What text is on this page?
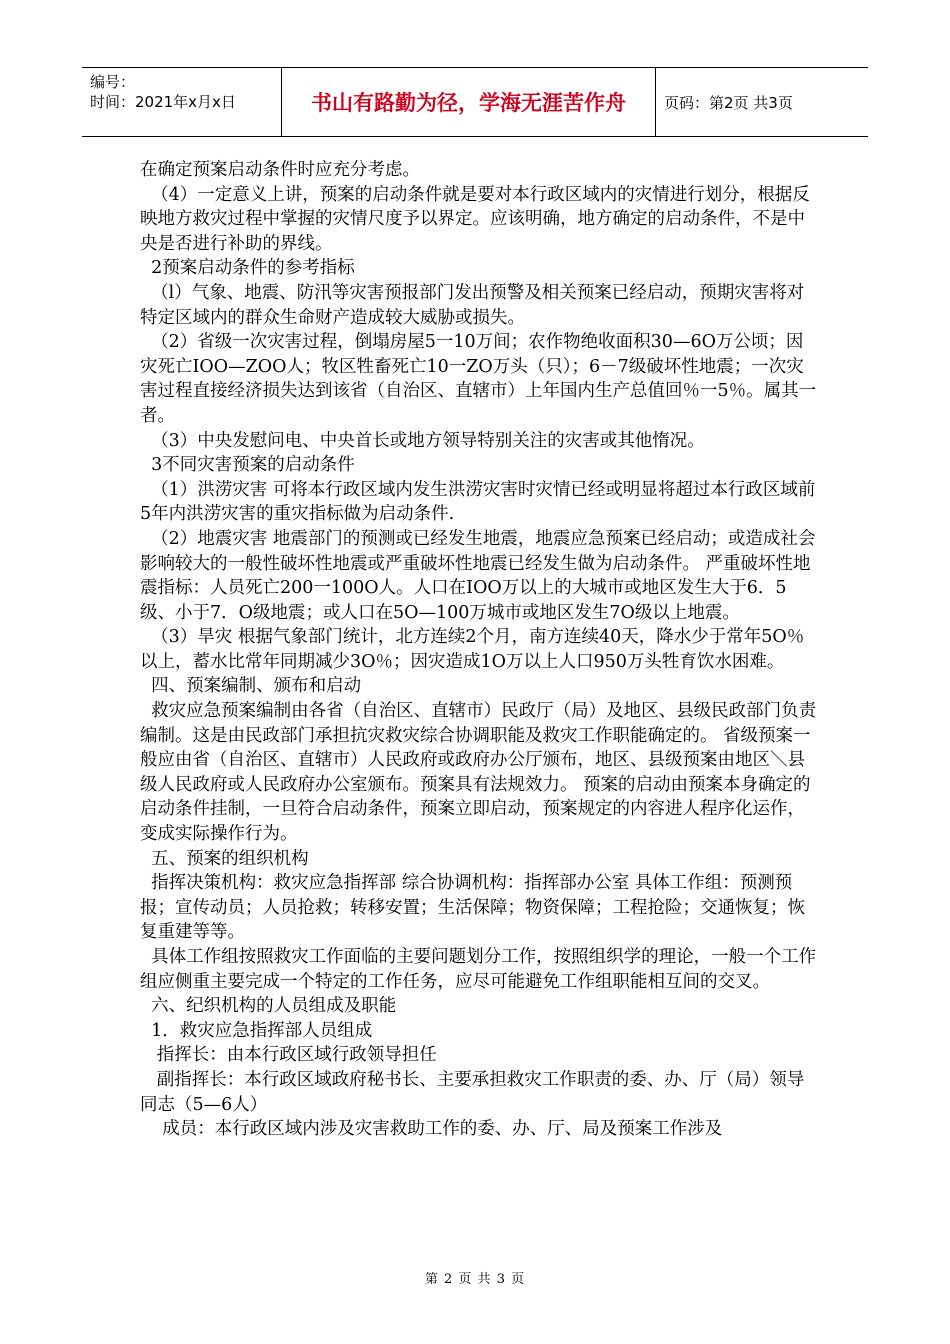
编号：
时间：2021年x月x日	书山有路勤为径，学海无涯苦作舟	页码：第2页 共3页

在确定预案启动条件时应充分考虑。

（4）一定意义上讲，预案的启动条件就是要对本行政区域内的灾情进行划分，根据反映地方救灾过程中掌握的灾情尺度予以界定。应该明确，地方确定的启动条件，不是中央是否进行补助的界线。

2预案启动条件的参考指标

（l）气象、地震、防汛等灾害预报部门发出预警及相关预案已经启动，预期灾害将对特定区域内的群众生命财产造成较大威胁或损失。

（2）省级一次灾害过程，倒塌房屋5一10万间；农作物绝收面积30—6O万公顷；因灾死亡IOO—ZOO人；牧区牲畜死亡10一ZO万头（只）；6－7级破坏性地震；一次灾害过程直接经济损失达到该省（自治区、直辖市）上年国内生产总值回％一5％。属其一者。

（3）中央发慰问电、中央首长或地方领导特别关注的灾害或其他惰况。

3不同灾害预案的启动条件

（1）洪涝灾害 可将本行政区域内发生洪涝灾害时灾情已经或明显将超过本行政区域前5年内洪涝灾害的重灾指标做为启动条件.

（2）地震灾害 地震部门的预测或已经发生地震，地震应急预案已经启动；或造成社会影响较大的一般性破坏性地震或严重破坏性地震已经发生做为启动条件。 严重破坏性地震指标：人员死亡200一100O人。人口在IOO万以上的大城市或地区发生大于6．5级、小于7．O级地震；或人口在5O—100万城市或地区发生7O级以上地震。

（3）旱灾 根据气象部门统计，北方连续2个月，南方连续40天，降水少于常年5O％以上，蓄水比常年同期减少3O％；因灾造成1O万以上人口950万头牲育饮水困难。

四、预案编制、颁布和启动

救灾应急预案编制由各省（自治区、直辖市）民政厅（局）及地区、县级民政部门负责编制。这是由民政部门承担抗灾救灾综合协调职能及救灾工作职能确定的。 省级预案一般应由省（自治区、直辖市）人民政府或政府办公厅颁布，地区、县级预案由地区＼县级人民政府或人民政府办公室颁布。预案具有法规效力。 预案的启动由预案本身确定的启动条件挂制，一旦符合启动条件，预案立即启动，预案规定的内容进人程序化运作，变成实际操作行为。

五、预案的组织机构

指挥决策机构：救灾应急指挥部 综合协调机构：指挥部办公室 具体工作组：预测预报；宣传动员；人员抢救；转移安置；生活保障；物资保障；工程抢险；交通恢复；恢复重建等等。

具体工作组按照救灾工作面临的主要问题划分工作，按照组织学的理论，一般一个工作组应侧重主要完成一个特定的工作任务，应尽可能避免工作组职能相互间的交叉。

六、纪织机构的人员组成及职能

1．救灾应急指挥部人员组成

指挥长：由本行政区域行政领导担任

副指挥长：本行政区域政府秘书长、主要承担救灾工作职责的委、办、厅（局）领导同志（5—6人）

成员：本行政区域内涉及灾害救助工作的委、办、厅、局及预案工作涉及

第 2 页 共 3 页
